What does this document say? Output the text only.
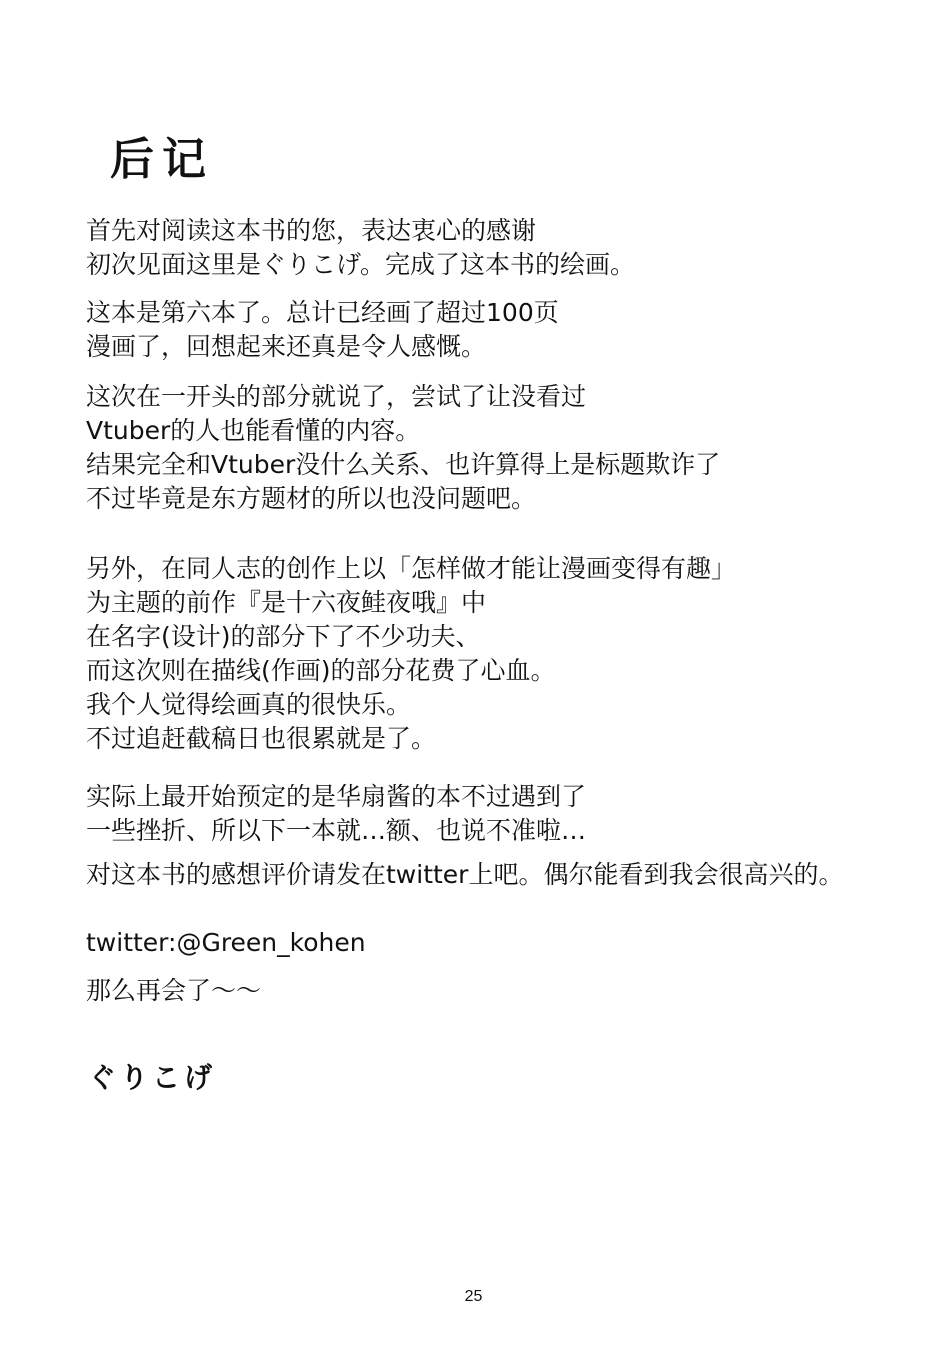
后记
首先对阅读这本书的您，表达衷心的感谢
初次见面这里是ぐりこげ。完成了这本书的绘画。
这本是第六本了。总计已经画了超过100页
漫画了，回想起来还真是令人感慨。
这次在一开头的部分就说了，尝试了让没看过
Vtuber的人也能看懂的内容。
结果完全和Vtuber没什么关系、也许算得上是标题欺诈了
不过毕竟是东方题材的所以也没问题吧。
另外，在同人志的创作上以「怎样做才能让漫画变得有趣」
为主题的前作『是十六夜鲑夜哦』中
在名字(设计)的部分下了不少功夫、
而这次则在描线(作画)的部分花费了心血。
我个人觉得绘画真的很快乐。
不过追赶截稿日也很累就是了。
实际上最开始预定的是华扇酱的本不过遇到了
一些挫折、所以下一本就…额、也说不准啦…
对这本书的感想评价请发在twitter上吧。偶尔能看到我会很高兴的。
twitter:@Green_kohen
那么再会了〜〜
ぐりこげ
25
